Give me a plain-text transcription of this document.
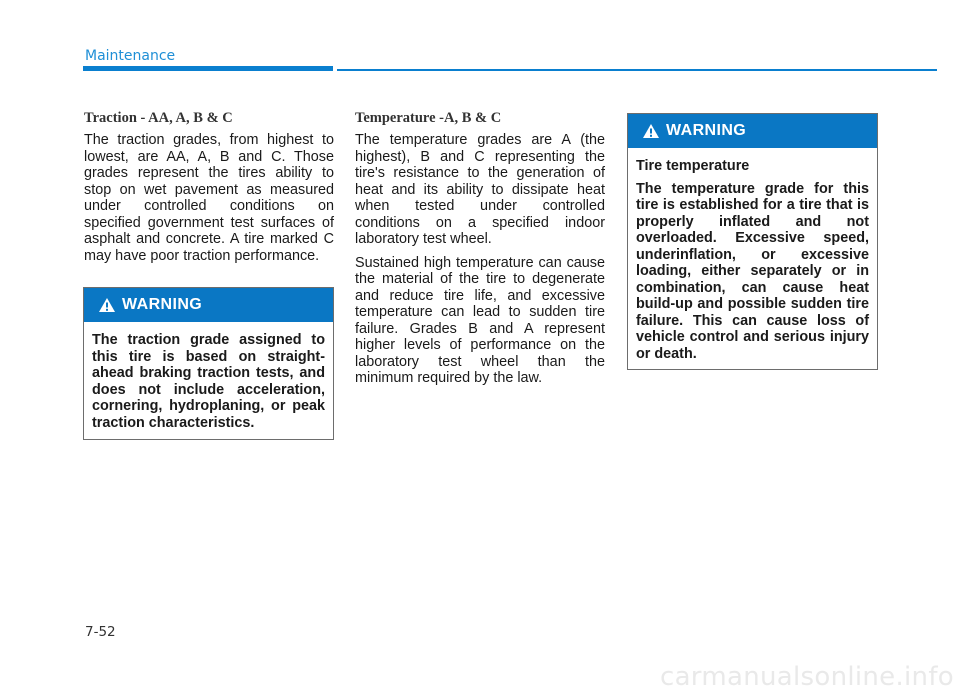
Maintenance
Traction - AA, A, B & C

The traction grades, from highest to lowest, are AA, A, B and C. Those grades represent the tires ability to stop on wet pavement as measured under controlled conditions on specified government test surfaces of asphalt and concrete. A tire marked C may have poor traction performance.

Temperature -A, B & C

The temperature grades are A (the highest), B and C representing the tire's resistance to the generation of heat and its ability to dissipate heat when tested under controlled conditions on a specified indoor laboratory test wheel.

Sustained high temperature can cause the material of the tire to degenerate and reduce tire life, and excessive temperature can lead to sudden tire failure. Grades B and A represent higher levels of performance on the laboratory test wheel than the minimum required by the law.

WARNING

The traction grade assigned to this tire is based on straight-ahead braking traction tests, and does not include acceleration, cornering, hydroplaning, or peak traction characteristics.

WARNING

Tire temperature

The temperature grade for this tire is established for a tire that is properly inflated and not overloaded. Excessive speed, underinflation, or excessive loading, either separately or in combination, can cause heat build-up and possible sudden tire failure. This can cause loss of vehicle control and serious injury or death.

7-52
carmanualsonline.info
